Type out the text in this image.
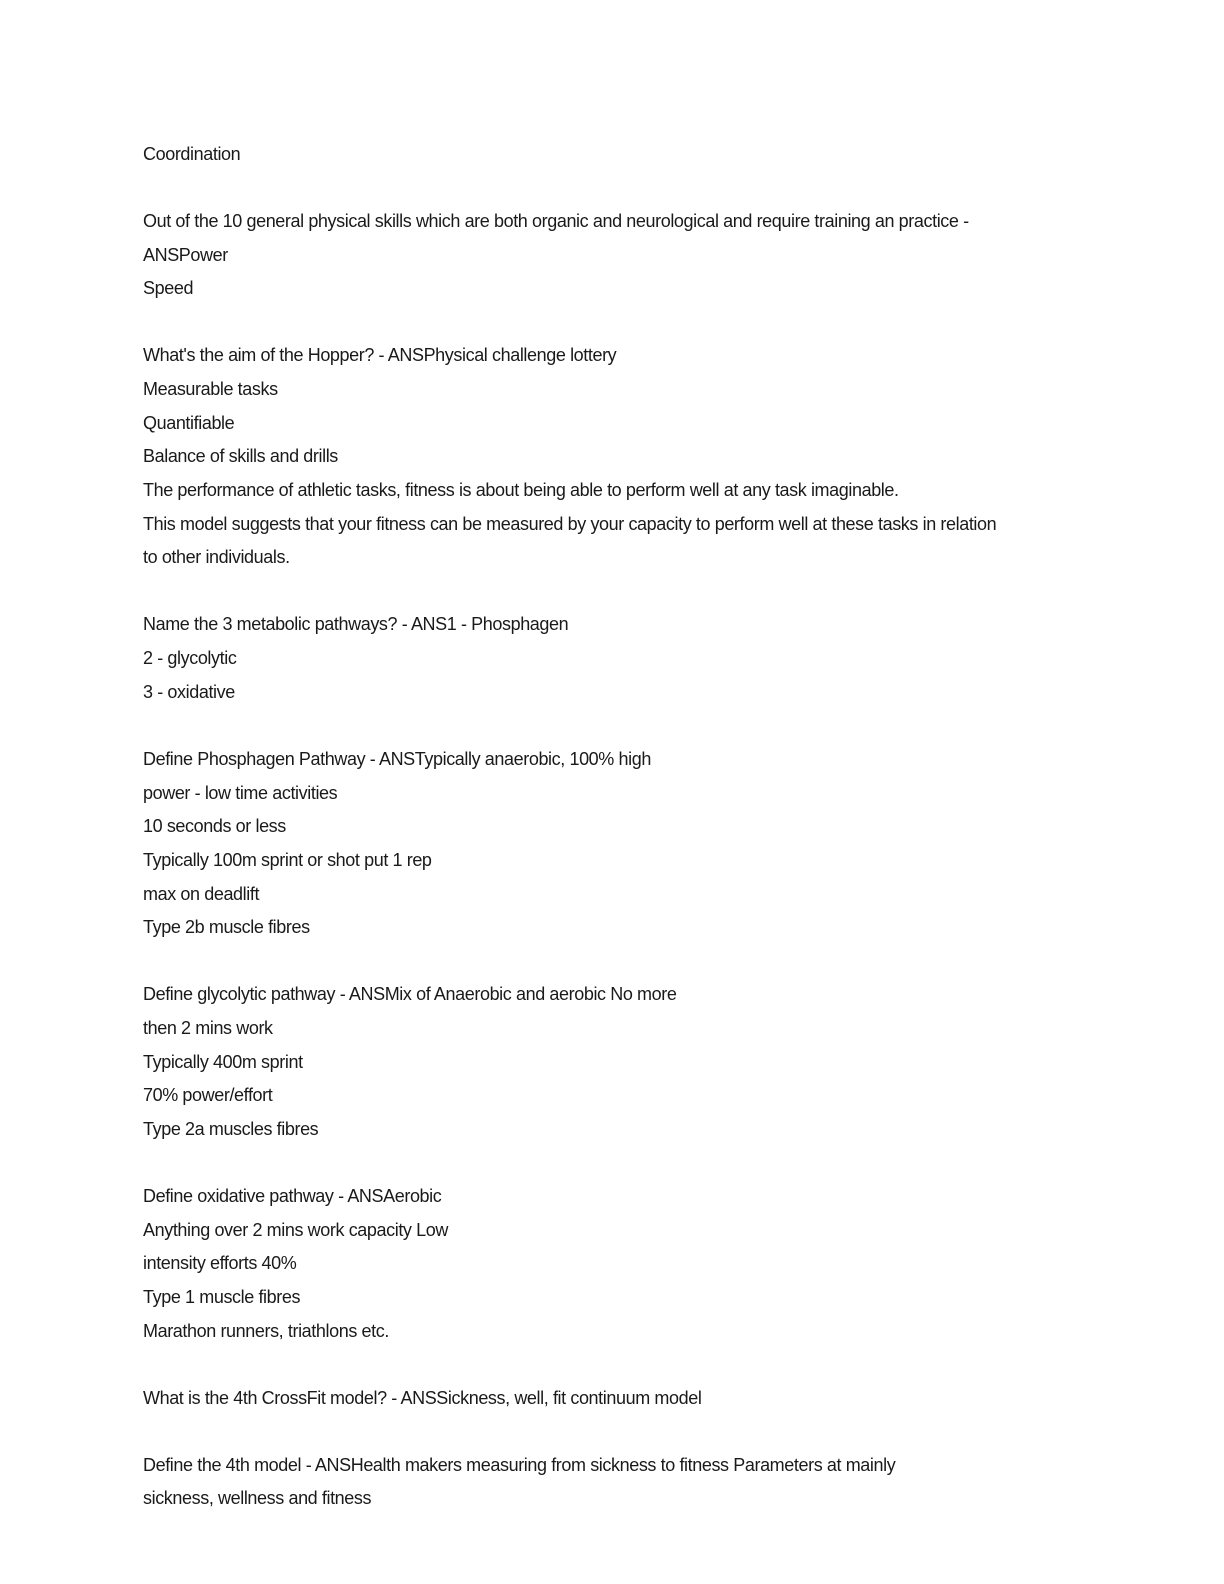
Coordination
Out of the 10 general physical skills which are both organic and neurological and require training an practice -
ANSPower
Speed
What's the aim of the Hopper? - ANSPhysical challenge lottery
Measurable tasks
Quantifiable
Balance of skills and drills
The performance of athletic tasks, fitness is about being able to perform well at any task imaginable.
This model suggests that your fitness can be measured by your capacity to perform well at these tasks in relation
to other individuals.
Name the 3 metabolic pathways? - ANS1 - Phosphagen
2 - glycolytic
3 - oxidative
Define Phosphagen Pathway - ANSTypically anaerobic, 100% high
power - low time activities
10 seconds or less
Typically 100m sprint or shot put 1 rep
max on deadlift
Type 2b muscle fibres
Define glycolytic pathway - ANSMix of Anaerobic and aerobic No more
then 2 mins work
Typically 400m sprint
70% power/effort
Type 2a muscles fibres
Define oxidative pathway - ANSAerobic
Anything over 2 mins work capacity Low
intensity efforts 40%
Type 1 muscle fibres
Marathon runners, triathlons etc.
What is the 4th CrossFit model? - ANSSickness, well, fit continuum model
Define the 4th model - ANSHealth makers measuring from sickness to fitness Parameters at mainly
sickness, wellness and fitness
